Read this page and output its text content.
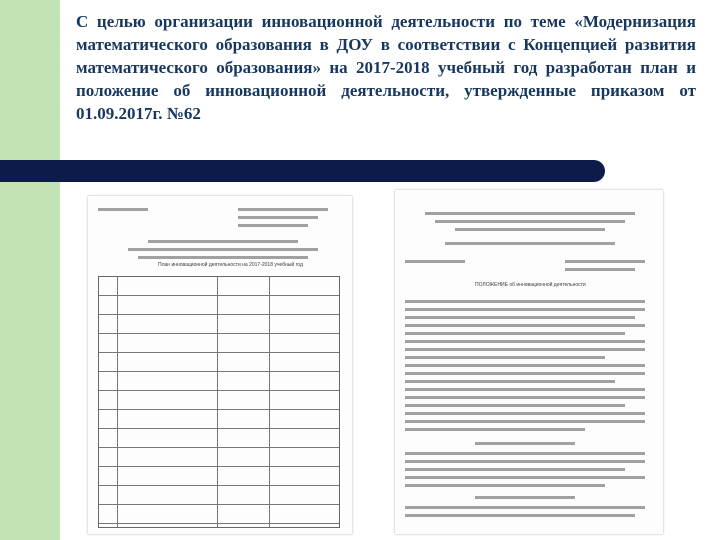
С целью организации инновационной деятельности по теме «Модернизация математического образования в ДОУ в соответствии с Концепцией развития математического образования» на 2017-2018 учебный год разработан план и положение об инновационной деятельности, утвержденные приказом от 01.09.2017г. №62
План инновационной деятельности на 2017-2018 учебный год
ПОЛОЖЕНИЕ об инновационной деятельности
